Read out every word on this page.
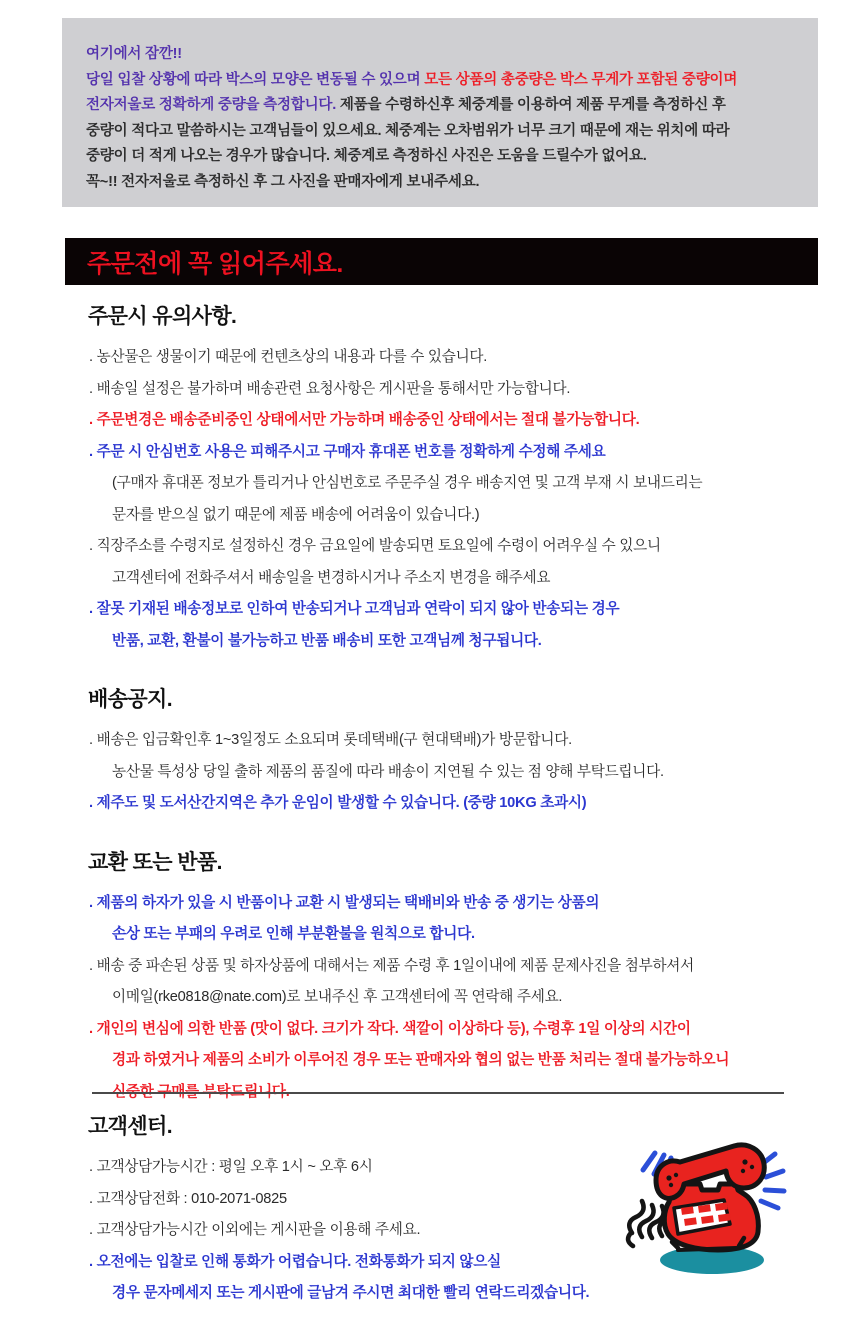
여기에서 잠깐!!
당일 입찰 상황에 따라 박스의 모양은 변동될 수 있으며 모든 상품의 총중량은 박스 무게가 포함된 중량이며
전자저울로 정확하게 중량을 측정합니다. 제품을 수령하신후 체중계를 이용하여 제품 무게를 측정하신 후
중량이 적다고 말씀하시는 고객님들이 있으세요. 체중계는 오차범위가 너무 크기 때문에 재는 위치에 따라
중량이 더 적게 나오는 경우가 많습니다. 체중계로 측정하신 사진은 도움을 드릴수가 없어요.
꼭~!! 전자저울로 측정하신 후 그 사진을 판매자에게 보내주세요.
주문전에 꼭 읽어주세요.
주문시 유의사항.
. 농산물은 생물이기 때문에 컨텐츠상의 내용과 다를 수 있습니다.
. 배송일 설정은 불가하며 배송관련 요청사항은 게시판을 통해서만 가능합니다.
. 주문변경은 배송준비중인 상태에서만 가능하며 배송중인 상태에서는 절대 불가능합니다.
. 주문 시 안심번호 사용은 피해주시고 구매자 휴대폰 번호를 정확하게 수정해 주세요
(구매자 휴대폰 정보가 틀리거나 안심번호로 주문주실 경우 배송지연 및 고객 부재 시 보내드리는
문자를 받으실 없기 때문에 제품 배송에 어려움이 있습니다.)
. 직장주소를 수령지로 설정하신 경우 금요일에 발송되면 토요일에 수령이 어려우실 수 있으니
고객센터에 전화주셔서 배송일을 변경하시거나 주소지 변경을 해주세요
. 잘못 기재된 배송정보로 인하여 반송되거나 고객님과 연락이 되지 않아 반송되는 경우
반품, 교환, 환불이 불가능하고 반품 배송비 또한 고객님께 청구됩니다.
배송공지.
. 배송은 입금확인후 1~3일정도 소요되며 롯데택배(구 현대택배)가 방문합니다.
농산물 특성상 당일 출하 제품의 품질에 따라 배송이 지연될 수 있는 점 양해 부탁드립니다.
. 제주도 및 도서산간지역은 추가 운임이 발생할 수 있습니다. (중량 10KG 초과시)
교환 또는 반품.
. 제품의 하자가 있을 시 반품이나 교환 시 발생되는 택배비와 반송 중 생기는 상품의
손상 또는 부패의 우려로 인해 부분환불을 원칙으로 합니다.
. 배송 중 파손된 상품 및 하자상품에 대해서는 제품 수령 후 1일이내에 제품 문제사진을 첨부하셔서
이메일(rke0818@nate.com)로 보내주신 후 고객센터에 꼭 연락해 주세요.
. 개인의 변심에 의한 반품 (맛이 없다. 크기가 작다. 색깔이 이상하다 등), 수령후 1일 이상의 시간이
경과 하였거나 제품의 소비가 이루어진 경우 또는 판매자와 협의 없는 반품 처리는 절대 불가능하오니
고객센터.
. 고객상담가능시간 : 평일 오후 1시 ~ 오후 6시
. 고객상담전화 : 010-2071-0825
. 고객상담가능시간 이외에는 게시판을 이용해 주세요.
. 오전에는 입찰로 인해 통화가 어렵습니다. 전화통화가 되지 않으실
경우 문자메세지 또는 게시판에 글남겨 주시면 최대한 빨리 연락드리겠습니다.
